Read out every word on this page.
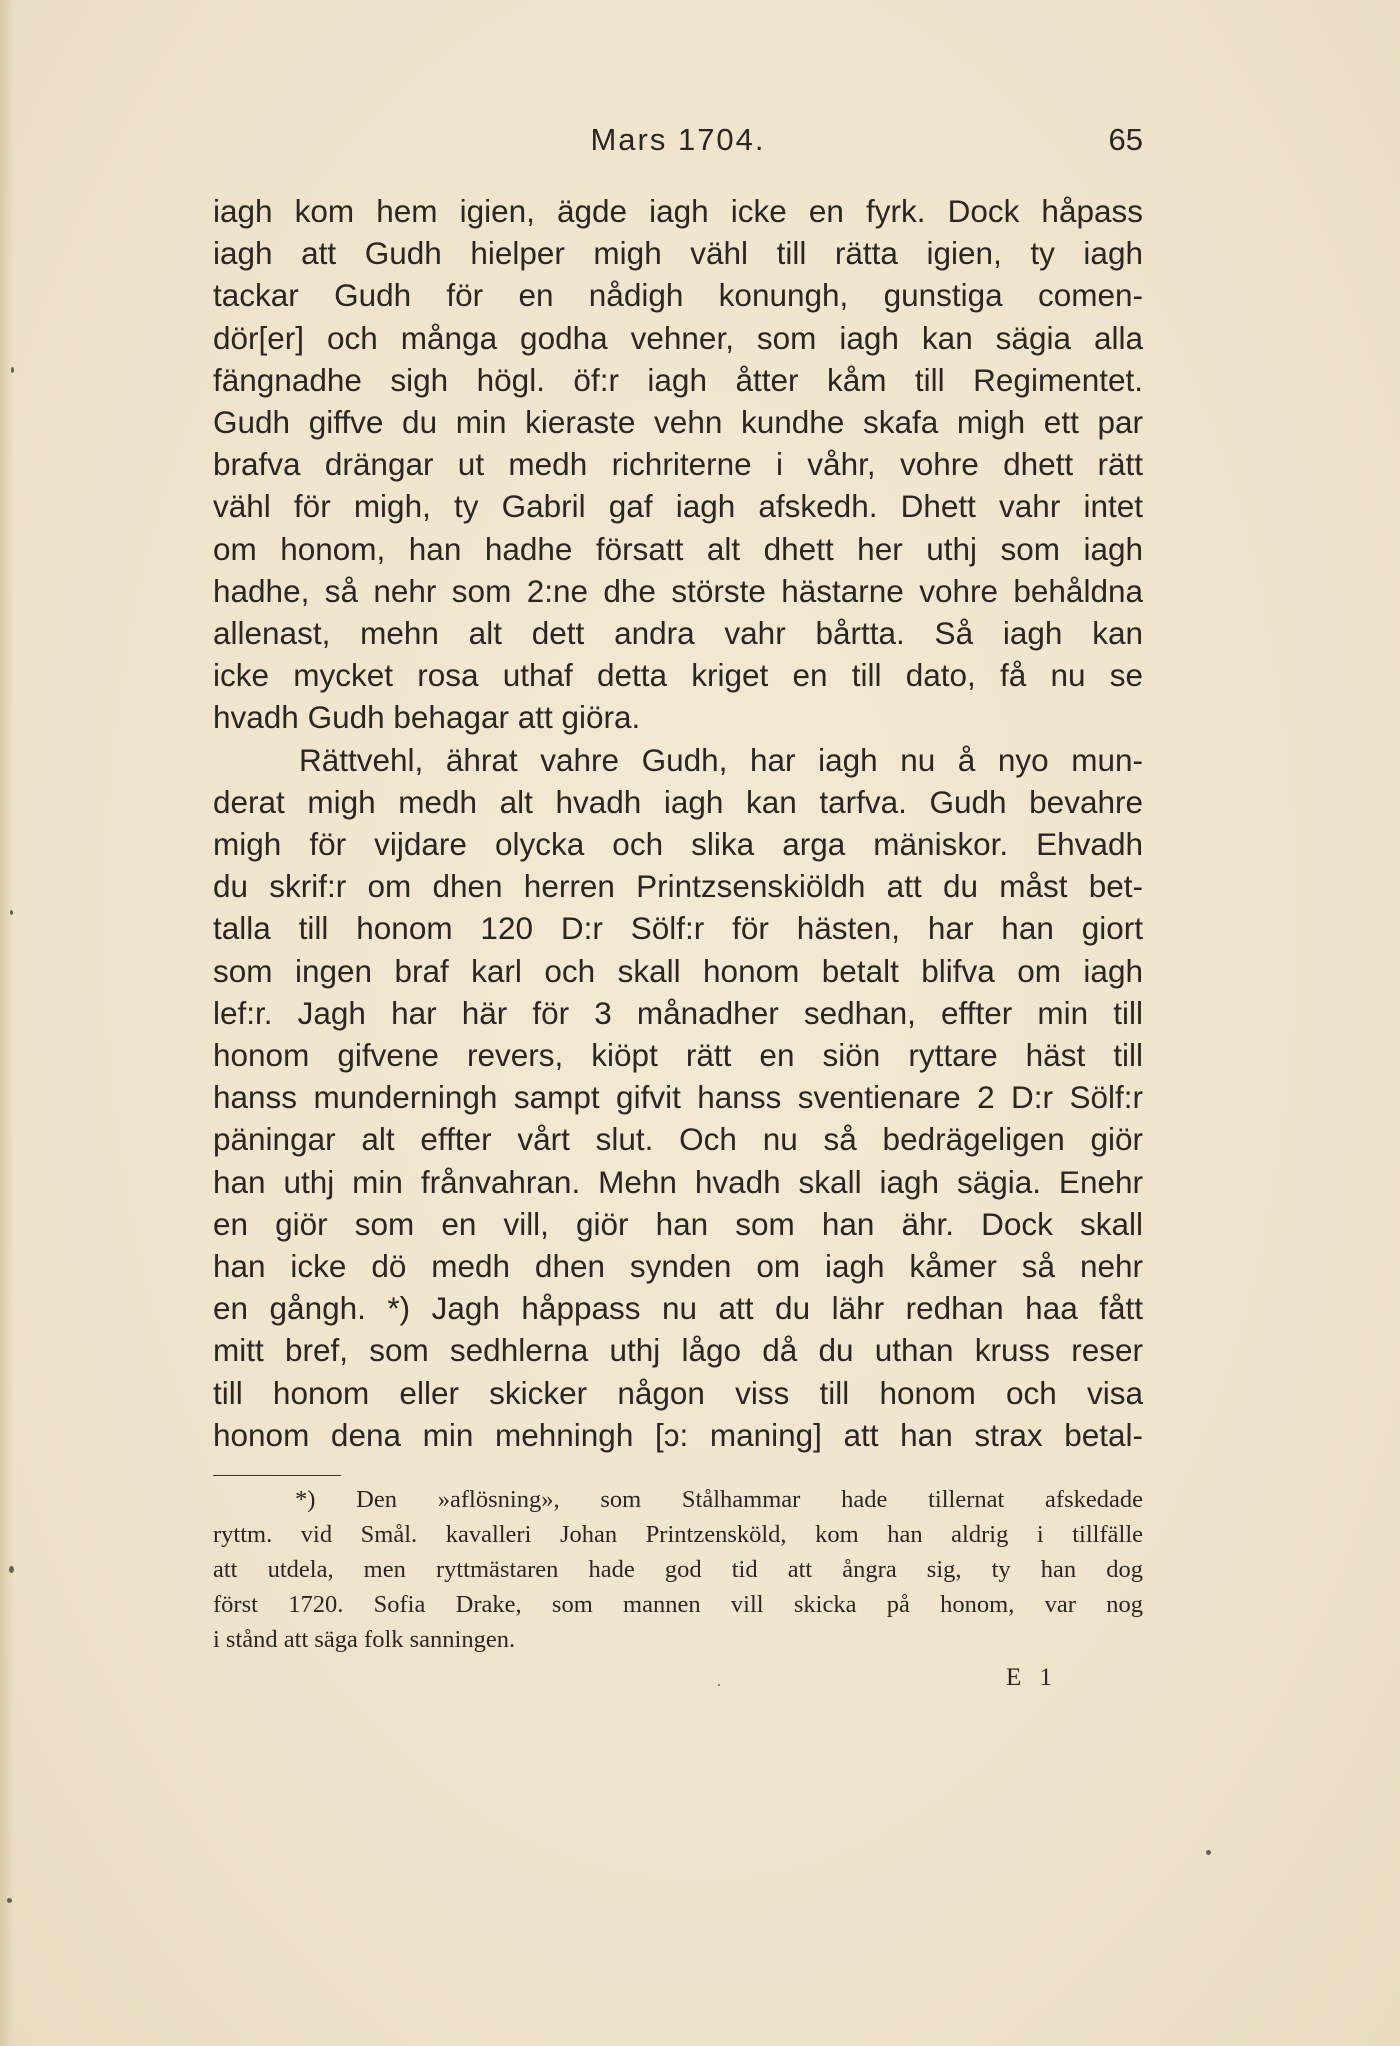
Mars 1704.	65
iagh kom hem igien, ägde iagh icke en fyrk. Dock håpass
iagh att Gudh hielper migh vähl till rätta igien, ty iagh
tackar Gudh för en nådigh konungh, gunstiga comen-
dör[er] och många godha vehner, som iagh kan sägia alla
fängnadhe sigh högl. öf:r iagh åtter kåm till Regimentet.
Gudh giffve du min kieraste vehn kundhe skafa migh ett par
brafva drängar ut medh richriterne i våhr, vohre dhett rätt
vähl för migh, ty Gabril gaf iagh afskedh. Dhett vahr intet
om honom, han hadhe försatt alt dhett her uthj som iagh
hadhe, så nehr som 2:ne dhe störste hästarne vohre behåldna
allenast, mehn alt dett andra vahr bårtta. Så iagh kan
icke mycket rosa uthaf detta kriget en till dato, få nu se
hvadh Gudh behagar att giöra.
Rättvehl, ährat vahre Gudh, har iagh nu å nyo mun-
derat migh medh alt hvadh iagh kan tarfva. Gudh bevahre
migh för vijdare olycka och slika arga mäniskor. Ehvadh
du skrif:r om dhen herren Printzsenskiöldh att du måst bet-
talla till honom 120 D:r Sölf:r för hästen, har han giort
som ingen braf karl och skall honom betalt blifva om iagh
lef:r. Jagh har här för 3 månadher sedhan, effter min till
honom gifvene revers, kiöpt rätt en siön ryttare häst till
hanss munderningh sampt gifvit hanss sventienare 2 D:r Sölf:r
päningar alt effter vårt slut. Och nu så bedrägeligen giör
han uthj min frånvahran. Mehn hvadh skall iagh sägia. Enehr
en giör som en vill, giör han som han ähr. Dock skall
han icke dö medh dhen synden om iagh kåmer så nehr
en gångh. *) Jagh håppass nu att du lähr redhan haa fått
mitt bref, som sedhlerna uthj lågo då du uthan kruss reser
till honom eller skicker någon viss till honom och visa
honom dena min mehningh [ɔ: maning] att han strax betal-
*) Den »aflösning», som Stålhammar hade tillernat afskedade
ryttm. vid Smål. kavalleri Johan Printzensköld, kom han aldrig i tillfälle
att utdela, men ryttmästaren hade god tid att ångra sig, ty han dog
först 1720. Sofia Drake, som mannen vill skicka på honom, var nog
i stånd att säga folk sanningen.
E 1
